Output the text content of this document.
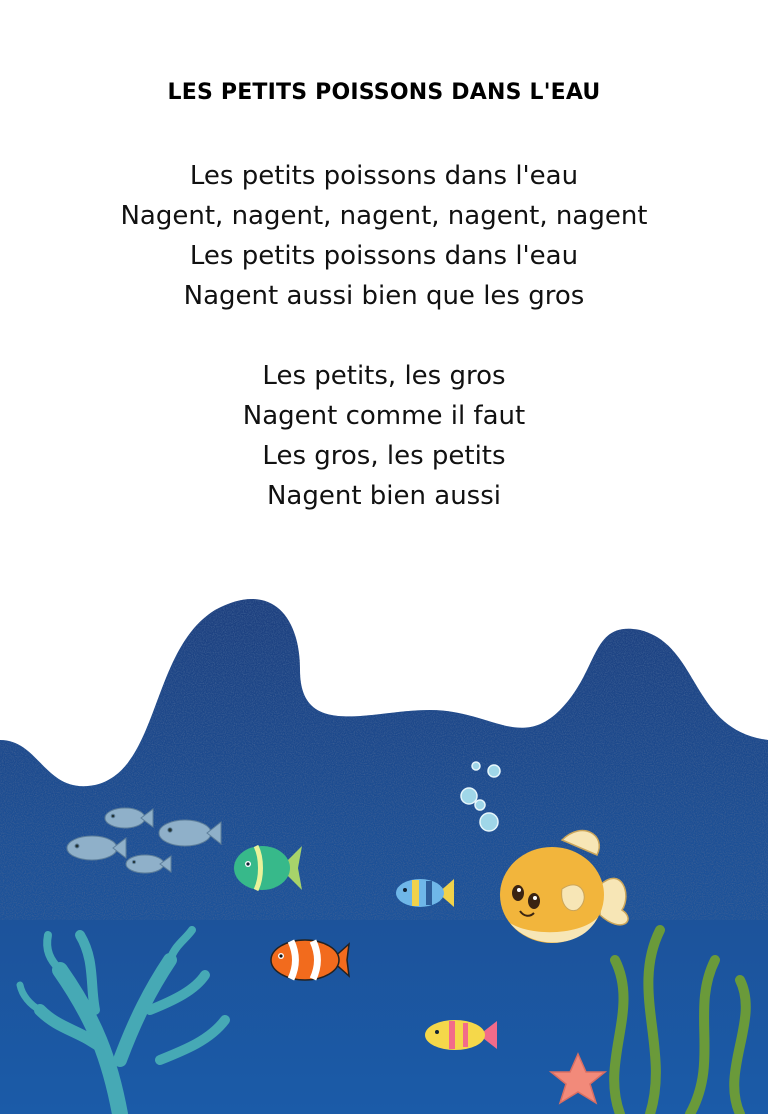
LES PETITS POISSONS DANS L'EAU
Les petits poissons dans l'eau
Nagent, nagent, nagent, nagent, nagent
Les petits poissons dans l'eau
Nagent aussi bien que les gros
Les petits, les gros
Nagent comme il faut
Les gros, les petits
Nagent bien aussi
